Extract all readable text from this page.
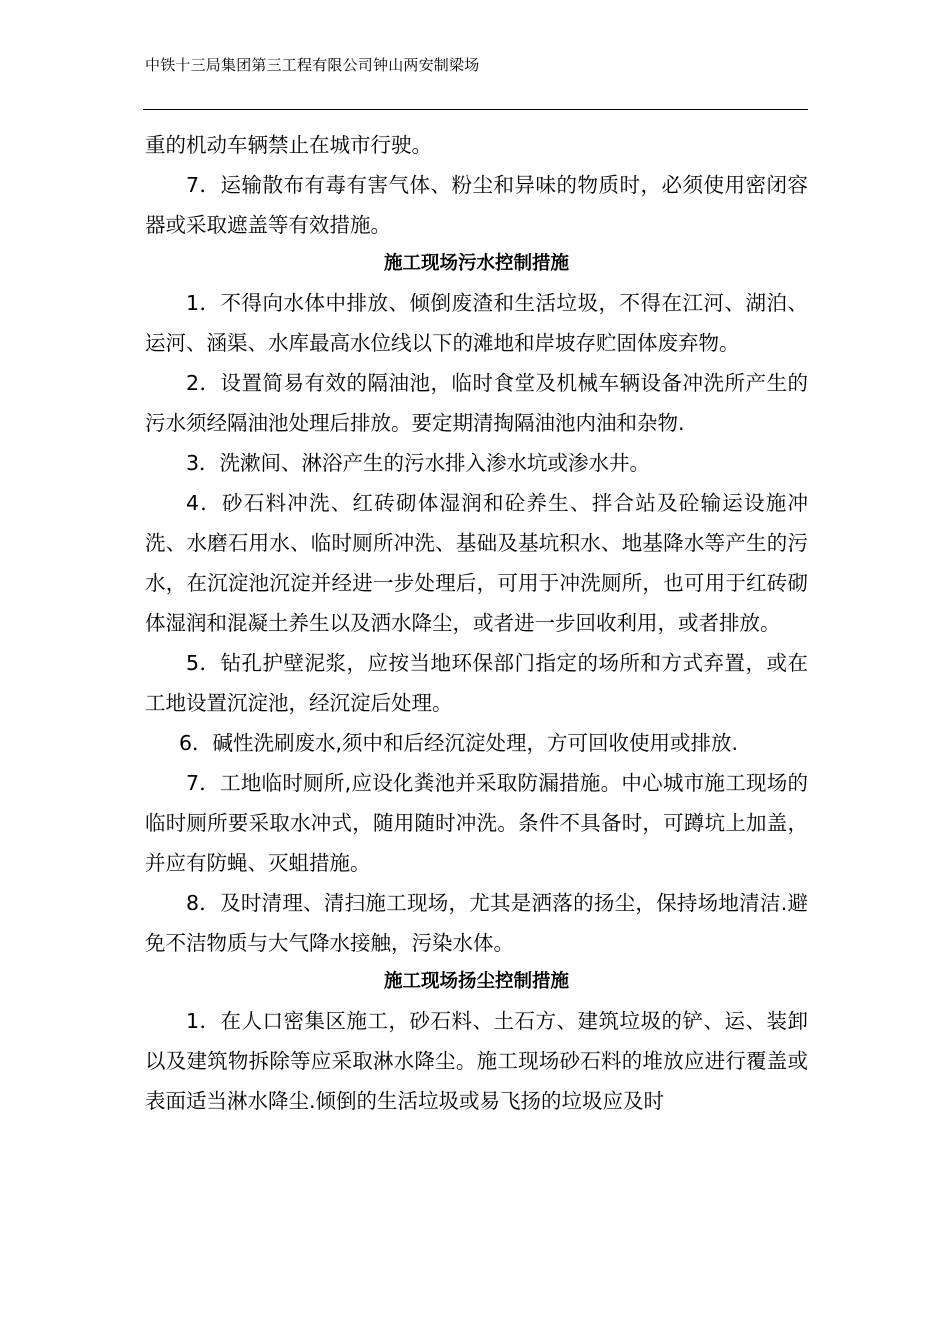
中铁十三局集团第三工程有限公司钟山两安制梁场

重的机动车辆禁止在城市行驶。

7．运输散布有毒有害气体、粉尘和异味的物质时，必须使用密闭容器或采取遮盖等有效措施。

施工现场污水控制措施

1．不得向水体中排放、倾倒废渣和生活垃圾，不得在江河、湖泊、运河、涵渠、水库最高水位线以下的滩地和岸坡存贮固体废弃物。

2．设置简易有效的隔油池，临时食堂及机械车辆设备冲洗所产生的污水须经隔油池处理后排放。要定期清掏隔油池内油和杂物.

3．洗漱间、淋浴产生的污水排入渗水坑或渗水井。

4．砂石料冲洗、红砖砌体湿润和砼养生、拌合站及砼输运设施冲洗、水磨石用水、临时厕所冲洗、基础及基坑积水、地基降水等产生的污水，在沉淀池沉淀并经进一步处理后，可用于冲洗厕所，也可用于红砖砌体湿润和混凝土养生以及洒水降尘，或者进一步回收利用，或者排放。

5．钻孔护壁泥浆，应按当地环保部门指定的场所和方式弃置，或在工地设置沉淀池，经沉淀后处理。

6．碱性洗刷废水,须中和后经沉淀处理，方可回收使用或排放.

7．工地临时厕所,应设化粪池并采取防漏措施。中心城市施工现场的临时厕所要采取水冲式，随用随时冲洗。条件不具备时，可蹲坑上加盖，并应有防蝇、灭蛆措施。

8．及时清理、清扫施工现场，尤其是洒落的扬尘，保持场地清洁.避免不洁物质与大气降水接触，污染水体。

施工现场扬尘控制措施

1．在人口密集区施工，砂石料、土石方、建筑垃圾的铲、运、装卸以及建筑物拆除等应采取淋水降尘。施工现场砂石料的堆放应进行覆盖或表面适当淋水降尘.倾倒的生活垃圾或易飞扬的垃圾应及时
